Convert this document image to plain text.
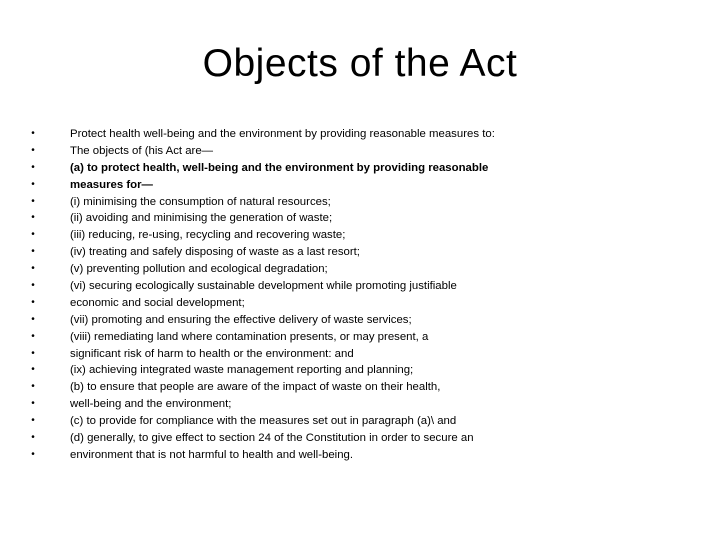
Objects of the Act
•	Protect health well-being and the environment by providing reasonable measures to:
•	The objects of (his Act are—
•	(a) to protect health, well-being and the environment by providing reasonable
•	measures for—
•	(i) minimising the consumption of natural resources;
•	(ii) avoiding and minimising the generation of waste;
•	(iii) reducing, re-using, recycling and recovering waste;
•	(iv) treating and safely disposing of waste as a last resort;
•	(v) preventing pollution and ecological degradation;
•	(vi) securing ecologically sustainable development while promoting justifiable
•	economic and social development;
•	(vii) promoting and ensuring the effective delivery of waste services;
•	(viii) remediating land where contamination presents, or may present, a
•	significant risk of harm to health or the environment: and
•	(ix) achieving integrated waste management reporting and planning;
•	(b) to ensure that people are aware of the impact of waste on their health,
•	well-being and the environment;
•	(c) to provide for compliance with the measures set out in paragraph (a)\ and
•	(d) generally, to give effect to section 24 of the Constitution in order to secure an
•	environment that is not harmful to health and well-being.
